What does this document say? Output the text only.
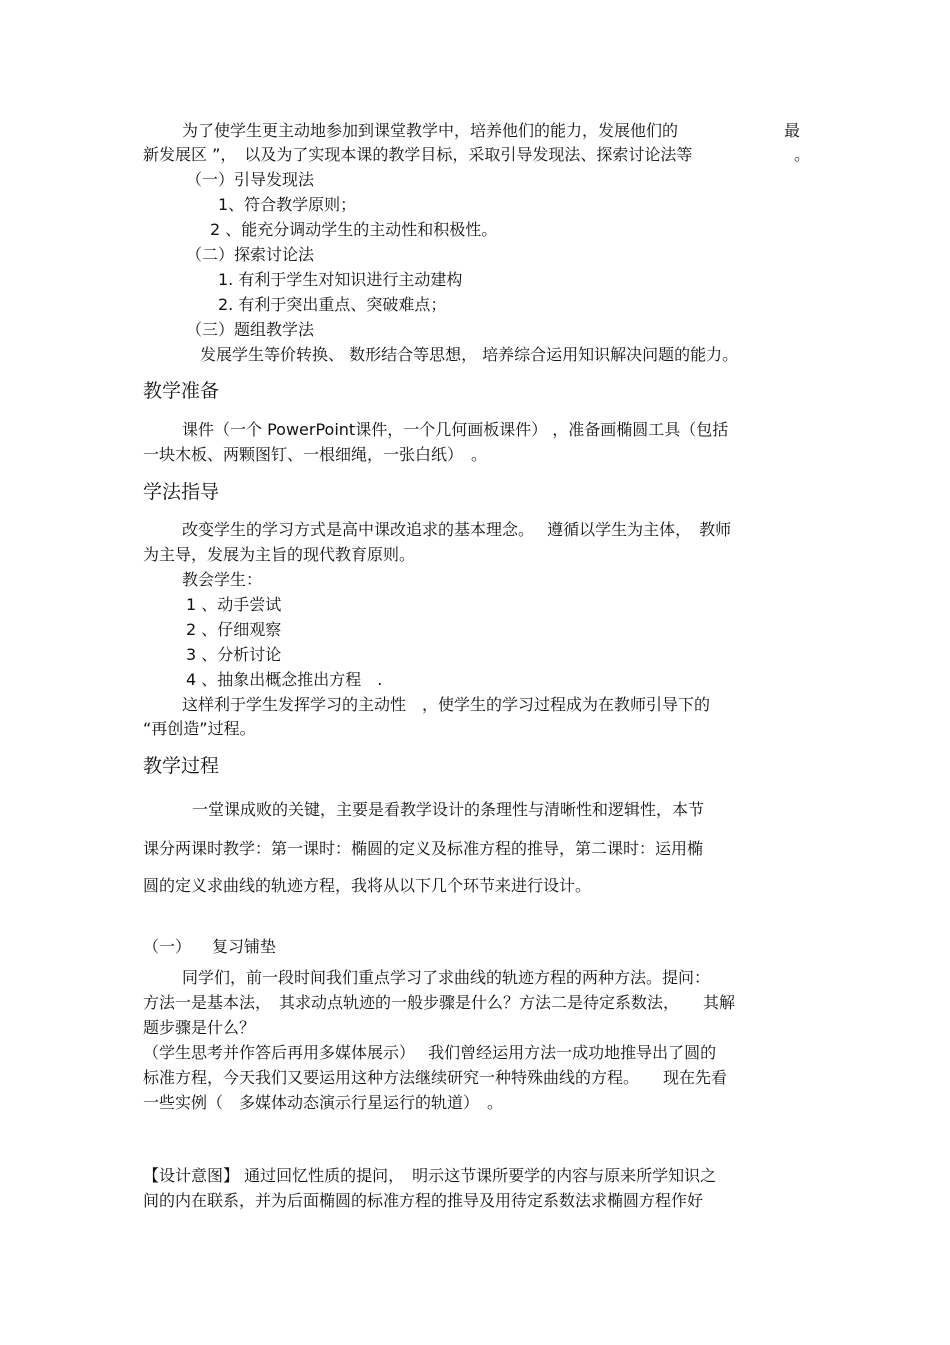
为了使学生更主动地参加到课堂教学中，培养他们的能力，发展他们的	最
新发展区 ”，　以及为了实现本课的教学目标，采取引导发现法、探索讨论法等	。
（一）引导发现法
1、符合教学原则；
2 、能充分调动学生的主动性和积极性。
（二）探索讨论法
1. 有利于学生对知识进行主动建构
2. 有利于突出重点、突破难点；
（三）题组教学法
发展学生等价转换、 数形结合等思想， 培养综合运用知识解决问题的能力。
教学准备
课件（一个 PowerPoint课件，一个几何画板课件） ，准备画椭圆工具（包括
一块木板、两颗图钉、一根细绳，一张白纸）　。
学法指导
改变学生的学习方式是高中课改追求的基本理念。　 遵循以学生为主体，　教师
为主导，发展为主旨的现代教育原则。
教会学生：
1 、动手尝试
2 、仔细观察
3 、分析讨论
4 、抽象出概念推出方程　.
这样利于学生发挥学习的主动性　，使学生的学习过程成为在教师引导下的
“再创造”过程。
教学过程
一堂课成败的关键，主要是看教学设计的条理性与清晰性和逻辑性，本节
课分两课时教学：第一课时：椭圆的定义及标准方程的推导，第二课时：运用椭
圆的定义求曲线的轨迹方程，我将从以下几个环节来进行设计。
（一） 复习铺垫
同学们，前一段时间我们重点学习了求曲线的轨迹方程的两种方法。提问：
方法一是基本法，　其求动点轨迹的一般步骤是什么？方法二是待定系数法，　　其解
题步骤是什么？
（学生思考并作答后再用多媒体展示）　 我们曾经运用方法一成功地推导出了圆的
标准方程，今天我们又要运用这种方法继续研究一种特殊曲线的方程。　　现在先看
一些实例（　多媒体动态演示行星运行的轨道）　。
【设计意图】 通过回忆性质的提问，　明示这节课所要学的内容与原来所学知识之
间的内在联系，并为后面椭圆的标准方程的推导及用待定系数法求椭圆方程作好
